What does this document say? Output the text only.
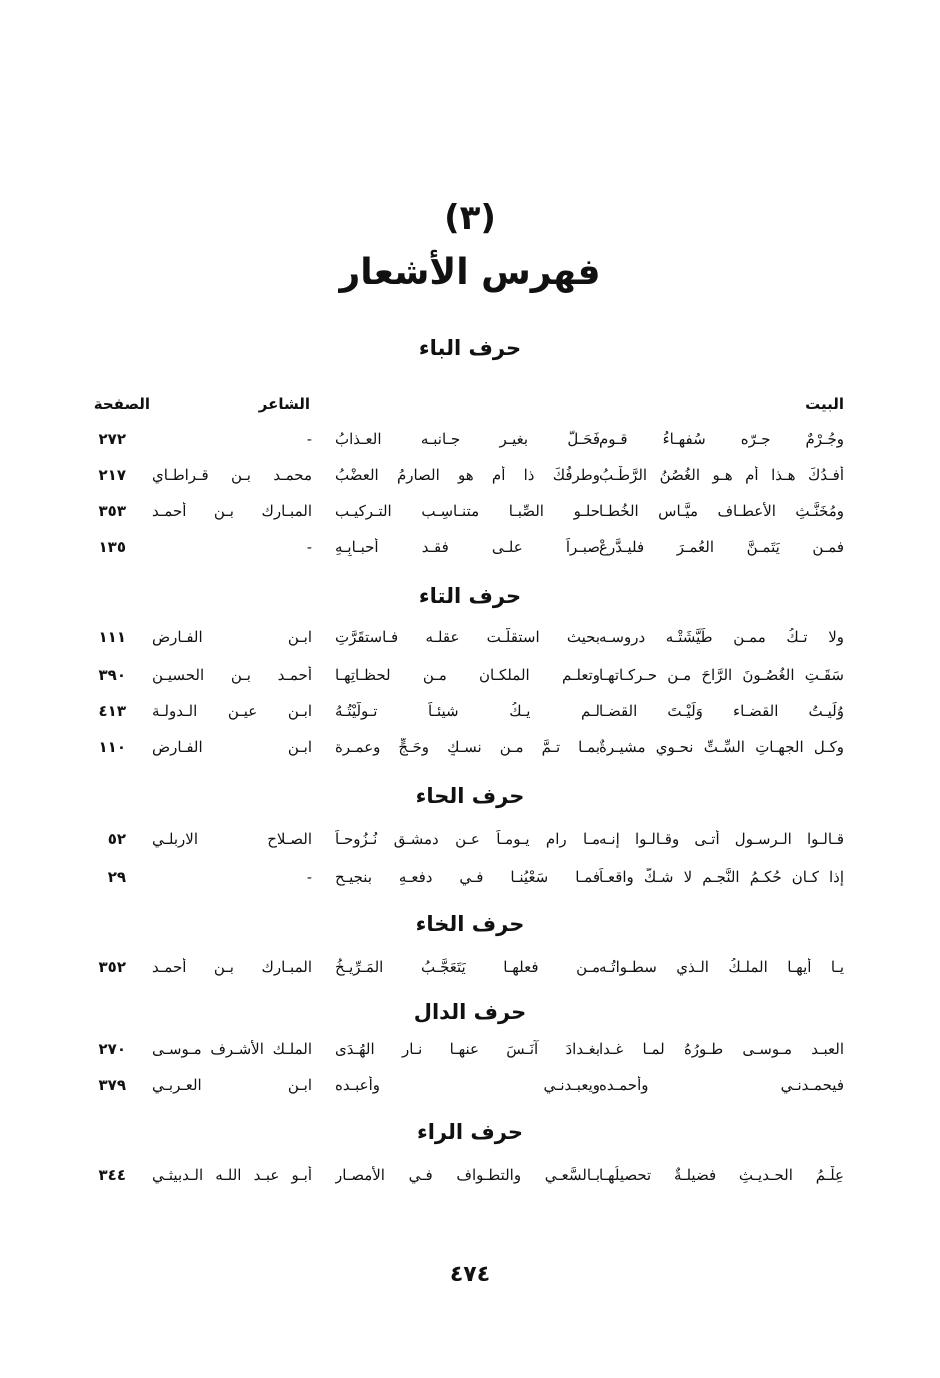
(٣)
فهرس الأشعار
حرف الباء
البيت
الشاعر
الصفحة
وجُـرْمٌ جـرّه سُفهـاءُ قـوم
فَحَـلَّ بغيـر جـانبـه العـذابُ
-
٢٧٢
أفـدُكَ هـذا أم هـو الغُصُنُ الرَّطْـبُ
وطرفُكَ ذا أم هو الصارمُ العضْبُ
محمـد بـن قـراطـاي
٢١٧
ومُخَنَّـثِ الأعطـاف ميَّـاس الخُطـا
حلـو الصِّبـا متنـاسِـب التـركيـب
المبـارك بـن أحمـد
٣٥٣
فمـن يَتَمـنَّ العُمـرَ فليـدَّرِعْ
صبـراً علـى فقـد أحبـابِـهِ
-
١٣٥
حرف التاء
ولا تـكُ ممـن طَيَّشَتْـه دروسـه
بحيث استقلَّـت عقلـه فـاستقَرَّتِ
ابـن الفـارض
١١١
سَقَـتِ الغُصُـونَ الرَّاحَ مـن حـركـاتهـا
وتعلـم الملكـان مـن لحظـاتِهـا
أحمـد بـن الحسيـن
٣٩٠
وُلِّيـتُ القضـاء وَلَيْـتَ القضـا
لـم يـكُ شيئـاً تـولَّيْتُـهُ
ابـن عيـن الـدولـة
٤١٣
وكـل الجهـاتِ السِّـتِّ نحـوي مشيـرةٌ
بمـا تـمَّ مـن نسـكٍ وحَـجٍّ وعمـرة
ابـن الفـارض
١١٠
حرف الحاء
قـالـوا الـرسـول أتـى وقـالـوا إنـه
مـا رام يـومـاً عـن دمشـق نُـزُوحـاً
الصـلاح الاربلـي
٥٢
إذا كـان حُكـمُ النَّجـم لا شـكَّ واقعـاً
فمـا سَعْيُنـا فـي دفعـهِ بنجيـح
-
٢٩
حرف الخاء
يـا أيهـا الملـكُ الـذي سطـواتُـه
مـن فعلهـا يَتَعَجَّـبُ المَـرِّيـخُ
المبـارك بـن أحمـد
٣٥٢
حرف الدال
العبـد مـوسـى طـورُهُ لمـا غـدا
بغـدادَ آنَـسَ عنهـا نـار الهُـدَى
الملـك الأشـرف مـوسـى
٢٧٠
فيحمـدنـي وأحمـده
ويعبـدنـي وأعبـده
ابـن العـربـي
٣٧٩
حرف الراء
عِلْـمُ الحـديـثِ فضيلـةٌ تحصيلُهـا
بـالسَّعـي والتطـواف فـي الأمصـار
أبـو عبـد اللـه الـدبيثـي
٣٤٤
٤٧٤
